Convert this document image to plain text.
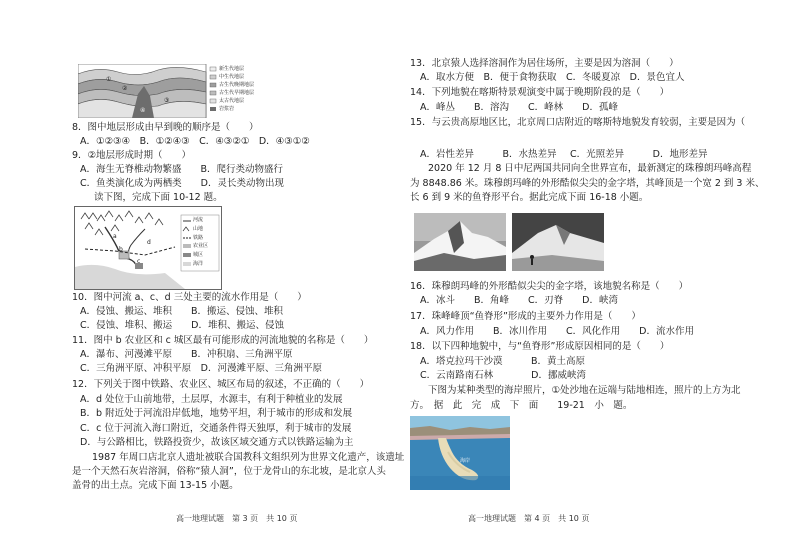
①
②
③
④
新生代地层
中生代地层
古生代晚期地层
古生代早期地层
太古代地层
岩浆岩
8．图中地层形成由早到晚的顺序是（　　）
A．①②③④　B．①②④③　C．④③②①　D．④③①②
9．②地层形成时期（　　）
A．海生无脊椎动物繁盛　　B．爬行类动物盛行
C．鱼类演化成为两栖类　　D．灵长类动物出现
读下图，完成下面 10-12 题。
a
b
c
d
河流
山地
铁路
农业区
城区
海洋
10．图中河流 a、c、d 三处主要的流水作用是（　　）
A．侵蚀、搬运、堆积　　B．搬运、侵蚀、堆积
C．侵蚀、堆积、搬运　　D．堆积、搬运、侵蚀
11．图中 b 农业区和 c 城区最有可能形成的河流地貌的名称是（　　）
A．瀑布、河漫滩平原　　B．冲积扇、三角洲平原
C．三角洲平原、冲积平原　D．河漫滩平原、三角洲平原
12．下列关于图中铁路、农业区、城区布局的叙述，不正确的（　　）
A．d 处位于山前地带，土层厚，水源丰，有利于种植业的发展
B．b 附近处于河流沿岸低地，地势平坦，利于城市的形成和发展
C．c 位于河流入海口附近，交通条件得天独厚，利于城市的发展
D．与公路相比，铁路投资少，故该区域交通方式以铁路运输为主
1987 年周口店北京人遗址被联合国教科文组织列为世界文化遗产，该遗址
是一个天然石灰岩溶洞，俗称“猿人洞”，位于龙骨山的东北坡，是北京人头
盖骨的出土点。完成下面 13-15 小题。
高一地理试题　第 3 页　共 10 页
13．北京猿人选择溶洞作为居住场所，主要是因为溶洞（　　）
A．取水方便　B．便于食物获取　C．冬暖夏凉　D．景色宜人
14．下列地貌在喀斯特景观演变中属于晚期阶段的是（　　）
A．峰丛　　B．溶沟　　C．峰林　　D．孤峰
15．与云贵高原地区比，北京周口店附近的喀斯特地貌发育较弱，主要是因为（
A．岩性差异　　　B．水热差异 C．光照差异　　　D．地形差异
2020 年 12 月 8 日中尼两国共同向全世界宣布，最新测定的珠穆朗玛峰高程
为 8848.86 米。珠穆朗玛峰的外形酷似尖尖的金字塔，其峰顶是一个宽 2 到 3 米、
长 6 到 9 米的鱼脊形平台。据此完成下面 16-18 小题。
16．珠穆朗玛峰的外形酷似尖尖的金字塔，该地貌名称是（　　）
A．冰斗　　B．角峰　　C．刃脊　　D．峡湾
17．珠峰峰顶“鱼脊形”形成的主要外力作用是（　　）
A．风力作用　　B．冰川作用　　C．风化作用　　D．流水作用
18．以下四种地貌中，与“鱼脊形”形成原因相同的是（　　）
A．塔克拉玛干沙漠　　　B．黄土高原
C．云南路南石林　　　　D．挪威峡湾
下图为某种类型的海岸照片，①处沙地在远端与陆地相连，照片的上方为北
方。　据　此　完　成　下　面　　19-21　小　题。
海岸
高一地理试题　第 4 页　共 10 页
